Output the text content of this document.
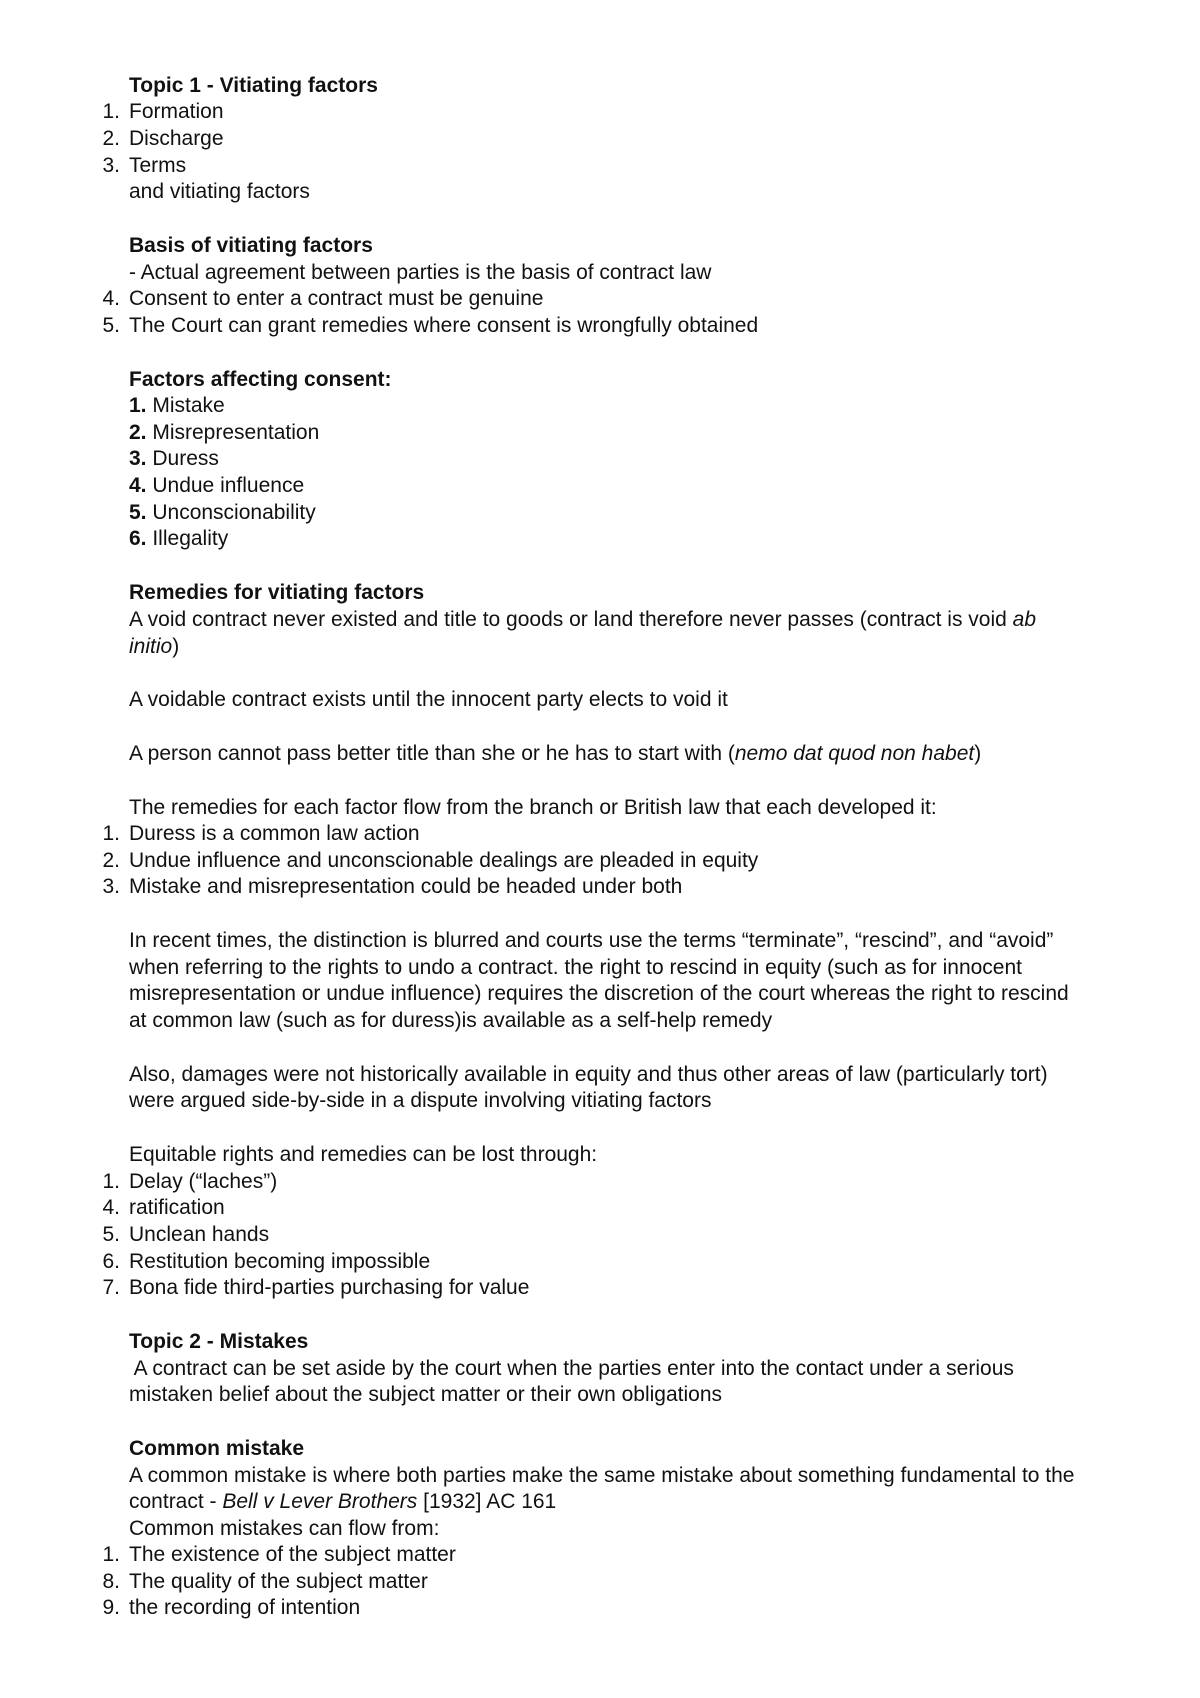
Topic 1 - Vitiating factors
1. Formation
2. Discharge
3. Terms
and vitiating factors
Basis of vitiating factors
- Actual agreement between parties is the basis of contract law
4. Consent to enter a contract must be genuine
5. The Court can grant remedies where consent is wrongfully obtained
Factors affecting consent:
1. Mistake
2. Misrepresentation
3. Duress
4. Undue influence
5. Unconscionability
6. Illegality
Remedies for vitiating factors
A void contract never existed and title to goods or land therefore never passes (contract is void ab
initio)
A voidable contract exists until the innocent party elects to void it
A person cannot pass better title than she or he has to start with (nemo dat quod non habet)
The remedies for each factor flow from the branch or British law that each developed it:
1. Duress is a common law action
2. Undue influence and unconscionable dealings are pleaded in equity
3. Mistake and misrepresentation could be headed under both
In recent times, the distinction is blurred and courts use the terms “terminate”, “rescind”, and “avoid”
when referring to the rights to undo a contract. the right to rescind in equity (such as for innocent
misrepresentation or undue influence) requires the discretion of the court whereas the right to rescind
at common law (such as for duress)is available as a self-help remedy
Also, damages were not historically available in equity and thus other areas of law (particularly tort)
were argued side-by-side in a dispute involving vitiating factors
Equitable rights and remedies can be lost through:
1. Delay (“laches”)
4. ratification
5. Unclean hands
6. Restitution becoming impossible
7. Bona fide third-parties purchasing for value
Topic 2 - Mistakes
A contract can be set aside by the court when the parties enter into the contact under a serious
mistaken belief about the subject matter or their own obligations
Common mistake
A common mistake is where both parties make the same mistake about something fundamental to the
contract - Bell v Lever Brothers [1932] AC 161
Common mistakes can flow from:
1. The existence of the subject matter
8. The quality of the subject matter
9. the recording of intention
